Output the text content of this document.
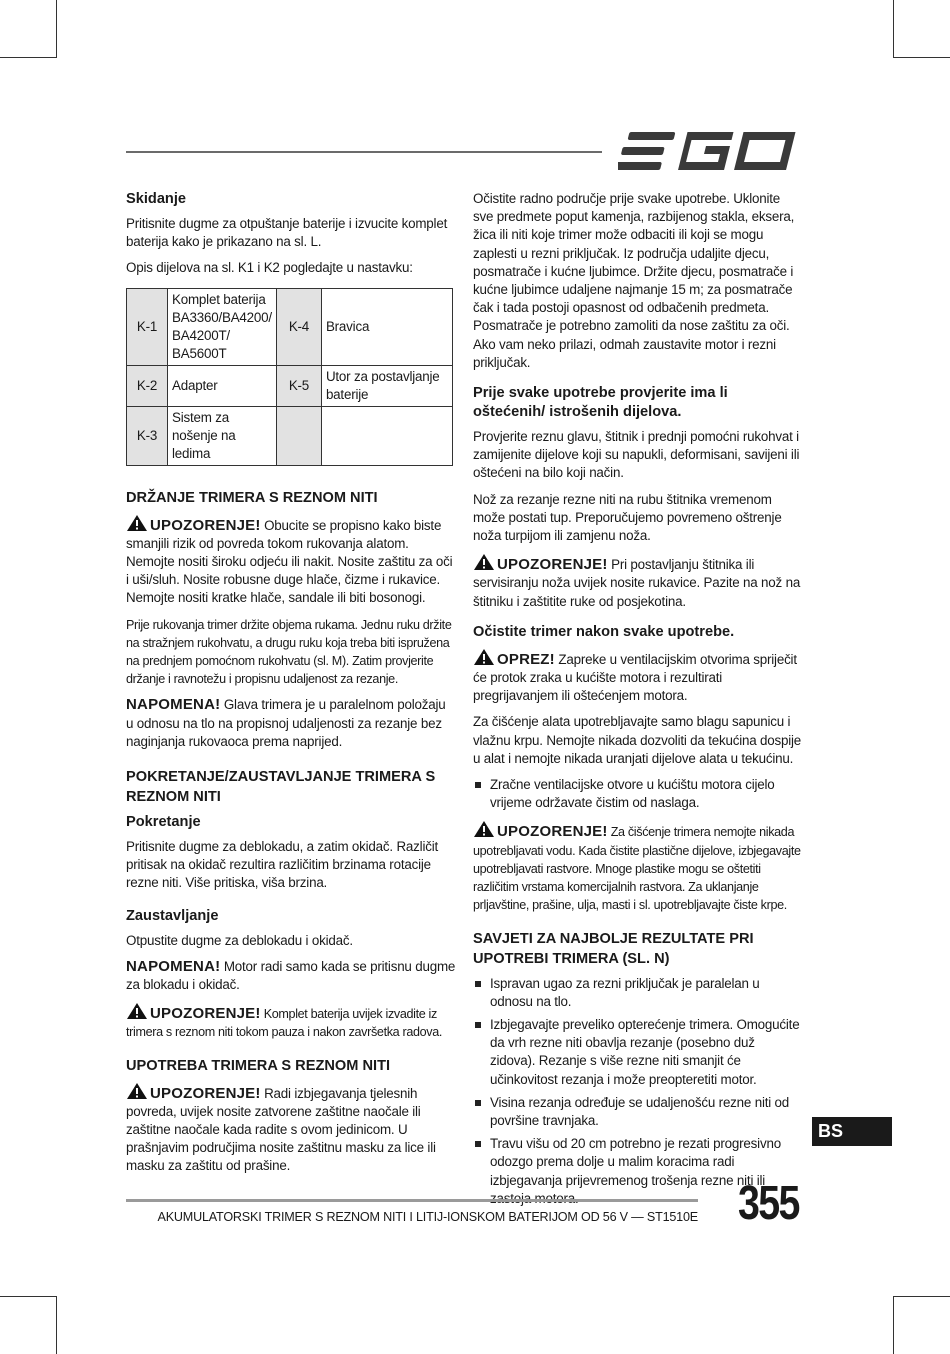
Skidanje

Pritisnite dugme za otpuštanje baterije i izvucite komplet baterija kako je prikazano na sl. L.

Opis dijelova na sl. K1 i K2 pogledajte u nastavku:

K-1	Komplet baterija BA3360/BA4200/ BA4200T/ BA5600T	K-4	Bravica
K-2	Adapter	K-5	Utor za postavljanje baterije
K-3	Sistem za nošenje na ledima		
DRŽANJE TRIMERA S REZNOM NITI

UPOZORENJE! Obucite se propisno kako biste smanjili rizik od povreda tokom rukovanja alatom. Nemojte nositi široku odjeću ili nakit. Nosite zaštitu za oči i uši/sluh. Nosite robusne duge hlače, čizme i rukavice. Nemojte nositi kratke hlače, sandale ili biti bosonogi.

Prije rukovanja trimer držite objema rukama. Jednu ruku držite na stražnjem rukohvatu, a drugu ruku koja treba biti ispružena na prednjem pomoćnom rukohvatu (sl. M). Zatim provjerite držanje i ravnotežu i propisnu udaljenost za rezanje.

NAPOMENA! Glava trimera je u paralelnom položaju u odnosu na tlo na propisnoj udaljenosti za rezanje bez naginjanja rukovaoca prema naprijed.

POKRETANJE/ZAUSTAVLJANJE TRIMERA S REZNOM NITI
Pokretanje

Pritisnite dugme za deblokadu, a zatim okidač. Različit pritisak na okidač rezultira različitim brzinama rotacije rezne niti. Više pritiska, viša brzina.

Zaustavljanje

Otpustite dugme za deblokadu i okidač.

NAPOMENA! Motor radi samo kada se pritisnu dugme za blokadu i okidač.

UPOZORENJE! Komplet baterija uvijek izvadite iz trimera s reznom niti tokom pauza i nakon završetka radova.

UPOTREBA TRIMERA S REZNOM NITI

UPOZORENJE! Radi izbjegavanja tjelesnih povreda, uvijek nosite zatvorene zaštitne naočale ili zaštitne naočale kada radite s ovom jedinicom. U prašnjavim područjima nosite zaštitnu masku za lice ili masku za zaštitu od prašine.

Očistite radno područje prije svake upotrebe. Uklonite sve predmete poput kamenja, razbijenog stakla, eksera, žica ili niti koje trimer može odbaciti ili koji se mogu zaplesti u rezni priključak. Iz područja udaljite djecu, posmatrače i kućne ljubimce. Držite djecu, posmatrače i kućne ljubimce udaljene najmanje 15 m; za posmatrače čak i tada postoji opasnost od odbačenih predmeta. Posmatrače je potrebno zamoliti da nose zaštitu za oči. Ako vam neko prilazi, odmah zaustavite motor i rezni priključak.

Prije svake upotrebe provjerite ima li oštećenih/ istrošenih dijelova.

Provjerite reznu glavu, štitnik i prednji pomoćni rukohvat i zamijenite dijelove koji su napukli, deformisani, savijeni ili oštećeni na bilo koji način.

Nož za rezanje rezne niti na rubu štitnika vremenom može postati tup. Preporučujemo povremeno oštrenje noža turpijom ili zamjenu noža.

UPOZORENJE! Pri postavljanju štitnika ili servisiranju noža uvijek nosite rukavice. Pazite na nož na štitniku i zaštitite ruke od posjekotina.

Očistite trimer nakon svake upotrebe.

OPREZ! Zapreke u ventilacijskim otvorima spriječit će protok zraka u kućište motora i rezultirati pregrijavanjem ili oštećenjem motora.

Za čišćenje alata upotrebljavajte samo blagu sapunicu i vlažnu krpu. Nemojte nikada dozvoliti da tekućina dospije u alat i nemojte nikada uranjati dijelove alata u tekućinu.

Zračne ventilacijske otvore u kućištu motora cijelo vrijeme održavate čistim od naslaga.

UPOZORENJE! Za čišćenje trimera nemojte nikada upotrebljavati vodu. Kada čistite plastične dijelove, izbjegavajte upotrebljavati rastvore. Mnoge plastike mogu se oštetiti različitim vrstama komercijalnih rastvora. Za uklanjanje prljavštine, prašine, ulja, masti i sl. upotrebljavajte čiste krpe.

SAVJETI ZA NAJBOLJE REZULTATE PRI UPOTREBI TRIMERA (SL. N)
Ispravan ugao za rezni priključak je paralelan u odnosu na tlo.
Izbjegavajte preveliko opterećenje trimera. Omogućite da vrh rezne niti obavlja rezanje (posebno duž zidova). Rezanje s više rezne niti smanjit će učinkovitost rezanja i može preopteretiti motor.
Visina rezanja određuje se udaljenošću rezne niti od površine travnjaka.
Travu višu od 20 cm potrebno je rezati progresivno odozgo prema dolje u malim koracima radi izbjegavanja prijevremenog trošenja rezne niti ili
BS
AKUMULATORSKI TRIMER S REZNOM NITI I LITIJ-IONSKOM BATERIJOM OD 56 V — ST1510E 355
